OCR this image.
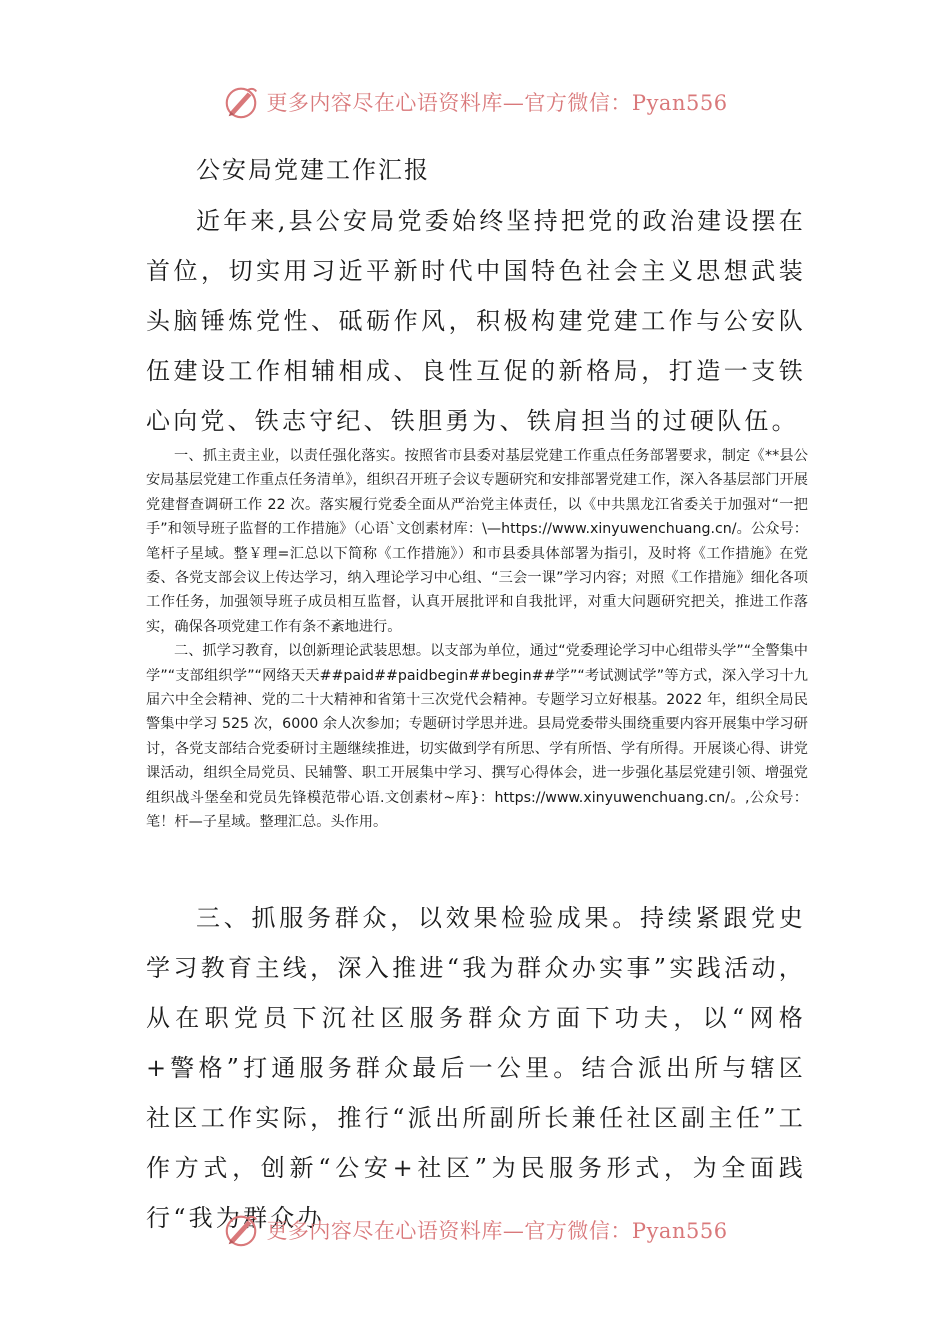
更多内容尽在心语资料库—官方微信：Pyan556
公安局党建工作汇报

近年来,县公安局党委始终坚持把党的政治建设摆在首位，切实用习近平新时代中国特色社会主义思想武装头脑锤炼党性、砥砺作风，积极构建党建工作与公安队伍建设工作相辅相成、良性互促的新格局，打造一支铁心向党、铁志守纪、铁胆勇为、铁肩担当的过硬队伍。

一、抓主责主业，以责任强化落实。按照省市县委对基层党建工作重点任务部署要求，制定《**县公安局基层党建工作重点任务清单》，组织召开班子会议专题研究和安排部署党建工作，深入各基层部门开展党建督查调研工作 22 次。落实履行党委全面从严治党主体责任，以《中共黑龙江省委关于加强对“一把手”和领导班子监督的工作措施》（心语`文创素材库：\—https://www.xinyuwenchuang.cn/。公众号：笔杆子星域。整￥理=汇总以下简称《工作措施》）和市县委具体部署为指引，及时将《工作措施》在党委、各党支部会议上传达学习，纳入理论学习中心组、“三会一课”学习内容；对照《工作措施》细化各项工作任务，加强领导班子成员相互监督，认真开展批评和自我批评，对重大问题研究把关，推进工作落实，确保各项党建工作有条不紊地进行。

二、抓学习教育，以创新理论武装思想。以支部为单位，通过“党委理论学习中心组带头学”“全警集中学”“支部组织学”“网络天天##paid##paidbegin##begin##学”“考试测试学”等方式，深入学习十九届六中全会精神、党的二十大精神和省第十三次党代会精神。专题学习立好根基。2022 年，组织全局民警集中学习 525 次，6000 余人次参加；专题研讨学思并进。县局党委带头围绕重要内容开展集中学习研讨，各党支部结合党委研讨主题继续推进，切实做到学有所思、学有所悟、学有所得。开展谈心得、讲党课活动，组织全局党员、民辅警、职工开展集中学习、撰写心得体会，进一步强化基层党建引领、增强党组织战斗堡垒和党员先锋模范带心语.文创素材~库}：https://www.xinyuwenchuang.cn/。,公众号：笔！杆—子星域。整理汇总。头作用。

三、抓服务群众，以效果检验成果。持续紧跟党史学习教育主线，深入推进“我为群众办实事”实践活动，从在职党员下沉社区服务群众方面下功夫，以“网格+警格”打通服务群众最后一公里。结合派出所与辖区社区工作实际，推行“派出所副所长兼任社区副主任”工作方式，创新“公安+社区”为民服务形式，为全面践行“我为群众办

更多内容尽在心语资料库—官方微信：Pyan556
